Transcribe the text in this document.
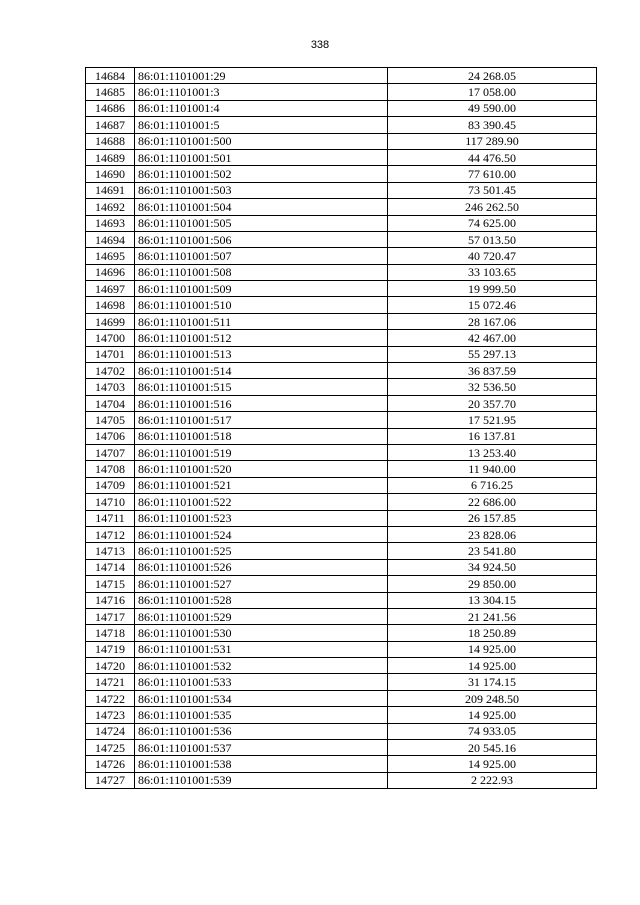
338
14684	86:01:1101001:29	24 268.05
14685	86:01:1101001:3	17 058.00
14686	86:01:1101001:4	49 590.00
14687	86:01:1101001:5	83 390.45
14688	86:01:1101001:500	117 289.90
14689	86:01:1101001:501	44 476.50
14690	86:01:1101001:502	77 610.00
14691	86:01:1101001:503	73 501.45
14692	86:01:1101001:504	246 262.50
14693	86:01:1101001:505	74 625.00
14694	86:01:1101001:506	57 013.50
14695	86:01:1101001:507	40 720.47
14696	86:01:1101001:508	33 103.65
14697	86:01:1101001:509	19 999.50
14698	86:01:1101001:510	15 072.46
14699	86:01:1101001:511	28 167.06
14700	86:01:1101001:512	42 467.00
14701	86:01:1101001:513	55 297.13
14702	86:01:1101001:514	36 837.59
14703	86:01:1101001:515	32 536.50
14704	86:01:1101001:516	20 357.70
14705	86:01:1101001:517	17 521.95
14706	86:01:1101001:518	16 137.81
14707	86:01:1101001:519	13 253.40
14708	86:01:1101001:520	11 940.00
14709	86:01:1101001:521	6 716.25
14710	86:01:1101001:522	22 686.00
14711	86:01:1101001:523	26 157.85
14712	86:01:1101001:524	23 828.06
14713	86:01:1101001:525	23 541.80
14714	86:01:1101001:526	34 924.50
14715	86:01:1101001:527	29 850.00
14716	86:01:1101001:528	13 304.15
14717	86:01:1101001:529	21 241.56
14718	86:01:1101001:530	18 250.89
14719	86:01:1101001:531	14 925.00
14720	86:01:1101001:532	14 925.00
14721	86:01:1101001:533	31 174.15
14722	86:01:1101001:534	209 248.50
14723	86:01:1101001:535	14 925.00
14724	86:01:1101001:536	74 933.05
14725	86:01:1101001:537	20 545.16
14726	86:01:1101001:538	14 925.00
14727	86:01:1101001:539	2 222.93
